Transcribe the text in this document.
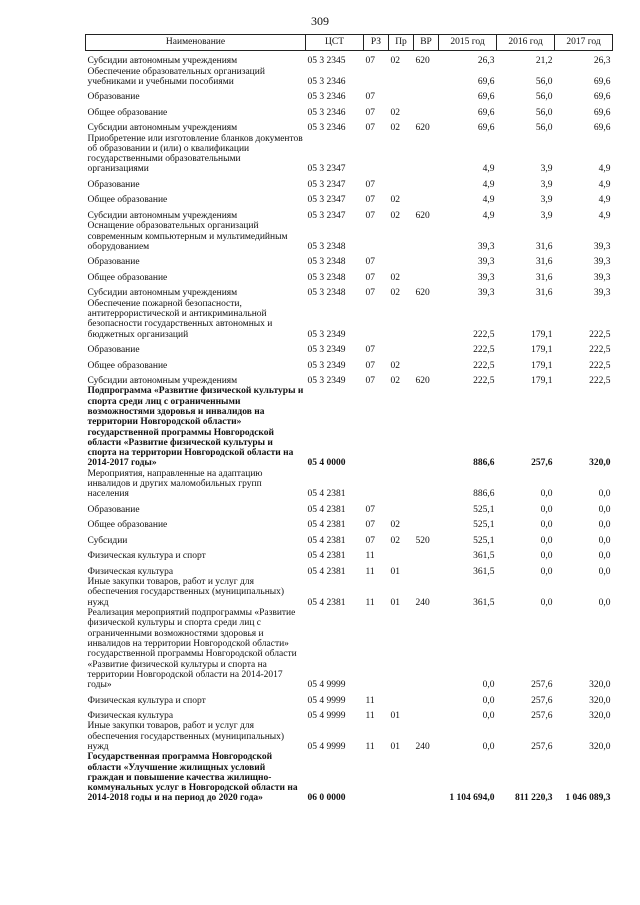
309
Наименование	ЦСТ	РЗ	Пр	ВР	2015 год	2016 год	2017 год
Субсидии автономным учреждениям	05 3 2345	07	02	620	26,3	21,2	26,3
Обеспечение образовательных организаций учебниками и учебными пособиями	05 3 2346				69,6	56,0	69,6
Образование	05 3 2346	07			69,6	56,0	69,6
Общее образование	05 3 2346	07	02		69,6	56,0	69,6
Субсидии автономным учреждениям	05 3 2346	07	02	620	69,6	56,0	69,6
Приобретение или изготовление бланков документов об образовании и (или) о квалификации государственными образовательными организациями	05 3 2347				4,9	3,9	4,9
Образование	05 3 2347	07			4,9	3,9	4,9
Общее образование	05 3 2347	07	02		4,9	3,9	4,9
Субсидии автономным учреждениям	05 3 2347	07	02	620	4,9	3,9	4,9
Оснащение образовательных организаций современным компьютерным и мультимедийным оборудованием	05 3 2348				39,3	31,6	39,3
Образование	05 3 2348	07			39,3	31,6	39,3
Общее образование	05 3 2348	07	02		39,3	31,6	39,3
Субсидии автономным учреждениям	05 3 2348	07	02	620	39,3	31,6	39,3
Обеспечение пожарной безопасности, антитеррористической и антикриминальной безопасности государственных автономных и бюджетных организаций	05 3 2349				222,5	179,1	222,5
Образование	05 3 2349	07			222,5	179,1	222,5
Общее образование	05 3 2349	07	02		222,5	179,1	222,5
Субсидии автономным учреждениям	05 3 2349	07	02	620	222,5	179,1	222,5
Подпрограмма «Развитие физической культуры и спорта среди лиц с ограниченными возможностями здоровья и инвалидов на территории Новгородской области» государственной программы Новгородской области «Развитие физической культуры и спорта на территории Новгородской области на 2014-2017 годы»	05 4 0000				886,6	257,6	320,0
Мероприятия, направленные на адаптацию инвалидов и других маломобильных групп населения	05 4 2381				886,6	0,0	0,0
Образование	05 4 2381	07			525,1	0,0	0,0
Общее образование	05 4 2381	07	02		525,1	0,0	0,0
Субсидии	05 4 2381	07	02	520	525,1	0,0	0,0
Физическая культура и спорт	05 4 2381	11			361,5	0,0	0,0
Физическая культура	05 4 2381	11	01		361,5	0,0	0,0
Иные закупки товаров, работ и услуг для обеспечения государственных (муниципальных) нужд	05 4 2381	11	01	240	361,5	0,0	0,0
Реализация мероприятий подпрограммы «Развитие физической культуры и спорта среди лиц с ограниченными возможностями здоровья и инвалидов на территории Новгородской области» государственной программы Новгородской области «Развитие физической культуры и спорта на территории Новгородской области на 2014-2017 годы»	05 4 9999				0,0	257,6	320,0
Физическая культура и спорт	05 4 9999	11			0,0	257,6	320,0
Физическая культура	05 4 9999	11	01		0,0	257,6	320,0
Иные закупки товаров, работ и услуг для обеспечения государственных (муниципальных) нужд	05 4 9999	11	01	240	0,0	257,6	320,0
Государственная программа Новгородской области «Улучшение жилищных условий граждан и повышение качества жилищно-коммунальных услуг в Новгородской области на 2014-2018 годы и на период до 2020 года»	06 0 0000				1 104 694,0	811 220,3	1 046 089,3
